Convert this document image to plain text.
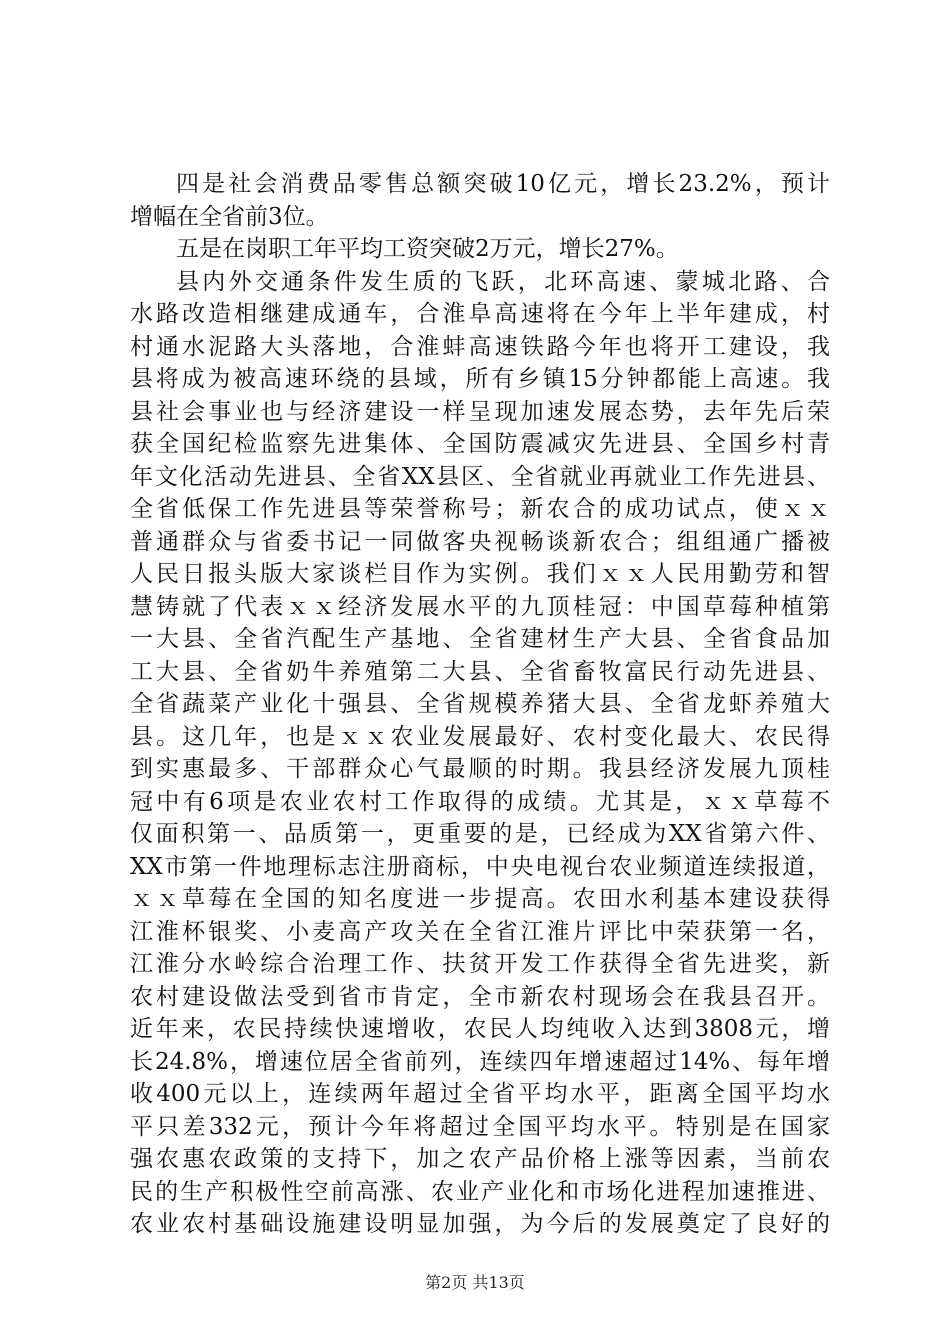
四是社会消费品零售总额突破10亿元，增长23.2%，预计
增幅在全省前3位。
五是在岗职工年平均工资突破2万元，增长27%。
县内外交通条件发生质的飞跃，北环高速、蒙城北路、合
水路改造相继建成通车，合淮阜高速将在今年上半年建成，村
村通水泥路大头落地，合淮蚌高速铁路今年也将开工建设，我
县将成为被高速环绕的县域，所有乡镇15分钟都能上高速。我
县社会事业也与经济建设一样呈现加速发展态势，去年先后荣
获全国纪检监察先进集体、全国防震减灾先进县、全国乡村青
年文化活动先进县、全省XX县区、全省就业再就业工作先进县、
全省低保工作先进县等荣誉称号；新农合的成功试点，使ｘｘ
普通群众与省委书记一同做客央视畅谈新农合；组组通广播被
人民日报头版大家谈栏目作为实例。我们ｘｘ人民用勤劳和智
慧铸就了代表ｘｘ经济发展水平的九顶桂冠：中国草莓种植第
一大县、全省汽配生产基地、全省建材生产大县、全省食品加
工大县、全省奶牛养殖第二大县、全省畜牧富民行动先进县、
全省蔬菜产业化十强县、全省规模养猪大县、全省龙虾养殖大
县。这几年，也是ｘｘ农业发展最好、农村变化最大、农民得
到实惠最多、干部群众心气最顺的时期。我县经济发展九顶桂
冠中有6项是农业农村工作取得的成绩。尤其是，ｘｘ草莓不
仅面积第一、品质第一，更重要的是，已经成为XX省第六件、
XX市第一件地理标志注册商标，中央电视台农业频道连续报道，
ｘｘ草莓在全国的知名度进一步提高。农田水利基本建设获得
江淮杯银奖、小麦高产攻关在全省江淮片评比中荣获第一名，
江淮分水岭综合治理工作、扶贫开发工作获得全省先进奖，新
农村建设做法受到省市肯定，全市新农村现场会在我县召开。
近年来，农民持续快速增收，农民人均纯收入达到3808元，增
长24.8%，增速位居全省前列，连续四年增速超过14%、每年增
收400元以上，连续两年超过全省平均水平，距离全国平均水
平只差332元，预计今年将超过全国平均水平。特别是在国家
强农惠农政策的支持下，加之农产品价格上涨等因素，当前农
民的生产积极性空前高涨、农业产业化和市场化进程加速推进、
农业农村基础设施建设明显加强，为今后的发展奠定了良好的
第2页 共13页
